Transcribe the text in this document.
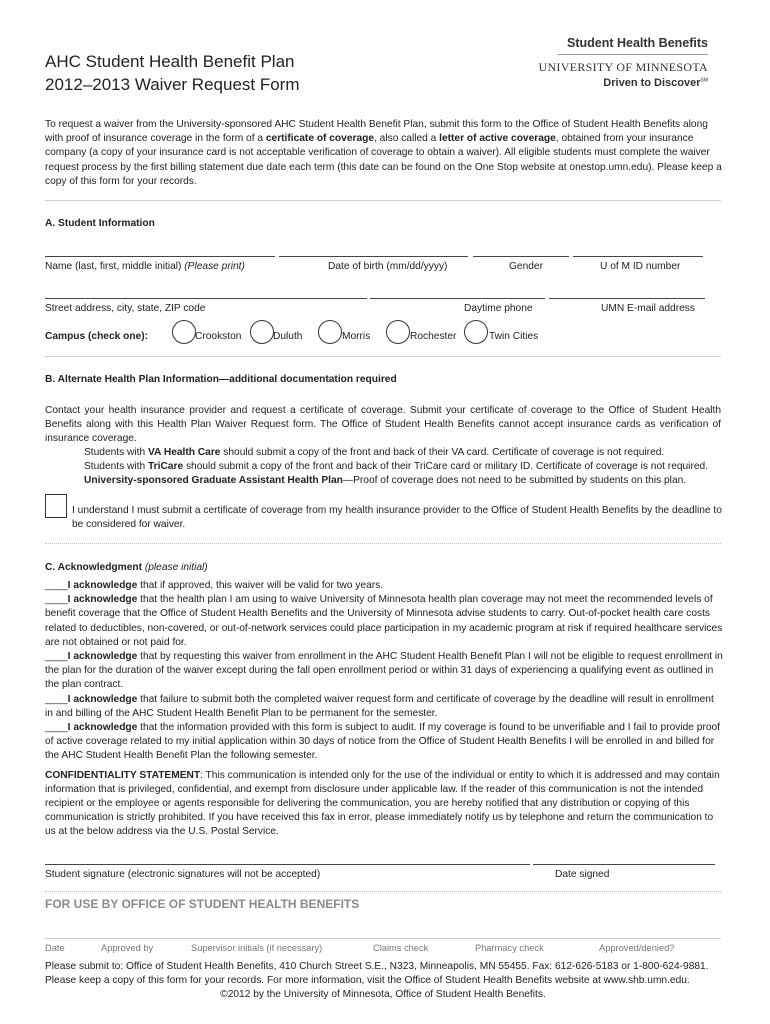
AHC Student Health Benefit Plan
2012–2013 Waiver Request Form
Student Health Benefits
UNIVERSITY OF MINNESOTA
Driven to Discover℠
To request a waiver from the University-sponsored AHC Student Health Benefit Plan, submit this form to the Office of Student Health Benefits along with proof of insurance coverage in the form of a certificate of coverage, also called a letter of active coverage, obtained from your insurance company (a copy of your insurance card is not acceptable verification of coverage to obtain a waiver). All eligible students must complete the waiver request process by the first billing statement due date each term (this date can be found on the One Stop website at onestop.umn.edu). Please keep a copy of this form for your records.
A. Student Information
Name (last, first, middle initial) (Please print)	Date of birth (mm/dd/yyyy)	Gender	U of M ID number
Street address, city, state, ZIP code	Daytime phone	UMN E-mail address
Campus (check one):	Crookston	Duluth	Morris	Rochester	Twin Cities
B. Alternate Health Plan Information—additional documentation required
Contact your health insurance provider and request a certificate of coverage. Submit your certificate of coverage to the Office of Student Health Benefits along with this Health Plan Waiver Request form. The Office of Student Health Benefits cannot accept insurance cards as verification of insurance coverage.
Students with VA Health Care should submit a copy of the front and back of their VA card. Certificate of coverage is not required.
Students with TriCare should submit a copy of the front and back of their TriCare card or military ID. Certificate of coverage is not required.
University-sponsored Graduate Assistant Health Plan—Proof of coverage does not need to be submitted by students on this plan.
I understand I must submit a certificate of coverage from my health insurance provider to the Office of Student Health Benefits by the deadline to be considered for waiver.
C. Acknowledgment (please initial)
____I acknowledge that if approved, this waiver will be valid for two years.
____I acknowledge that the health plan I am using to waive University of Minnesota health plan coverage may not meet the recommended levels of benefit coverage that the Office of Student Health Benefits and the University of Minnesota advise students to carry. Out-of-pocket health care costs related to deductibles, non-covered, or out-of-network services could place participation in my academic program at risk if required healthcare services are not obtained or not paid for.
____I acknowledge that by requesting this waiver from enrollment in the AHC Student Health Benefit Plan I will not be eligible to request enrollment in the plan for the duration of the waiver except during the fall open enrollment period or within 31 days of experiencing a qualifying event as outlined in the plan contract.
____I acknowledge that failure to submit both the completed waiver request form and certificate of coverage by the deadline will result in enrollment in and billing of the AHC Student Health Benefit Plan to be permanent for the semester.
____I acknowledge that the information provided with this form is subject to audit. If my coverage is found to be unverifiable and I fail to provide proof of active coverage related to my initial application within 30 days of notice from the Office of Student Health Benefits I will be enrolled in and billed for the AHC Student Health Benefit Plan the following semester.
CONFIDENTIALITY STATEMENT: This communication is intended only for the use of the individual or entity to which it is addressed and may contain information that is privileged, confidential, and exempt from disclosure under applicable law. If the reader of this communication is not the intended recipient or the employee or agents responsible for delivering the communication, you are hereby notified that any distribution or copying of this communication is strictly prohibited. If you have received this fax in error, please immediately notify us by telephone and return the communication to us at the below address via the U.S. Postal Service.
Student signature (electronic signatures will not be accepted)	Date signed
FOR USE BY OFFICE OF STUDENT HEALTH BENEFITS
Date	Approved by	Supervisor initials (if necessary)	Claims check	Pharmacy check	Approved/denied?
Please submit to: Office of Student Health Benefits, 410 Church Street S.E., N323, Minneapolis, MN 55455. Fax: 612-626-5183 or 1-800-624-9881.
Please keep a copy of this form for your records. For more information, visit the Office of Student Health Benefits website at www.shb.umn.edu.
©2012 by the University of Minnesota, Office of Student Health Benefits.
